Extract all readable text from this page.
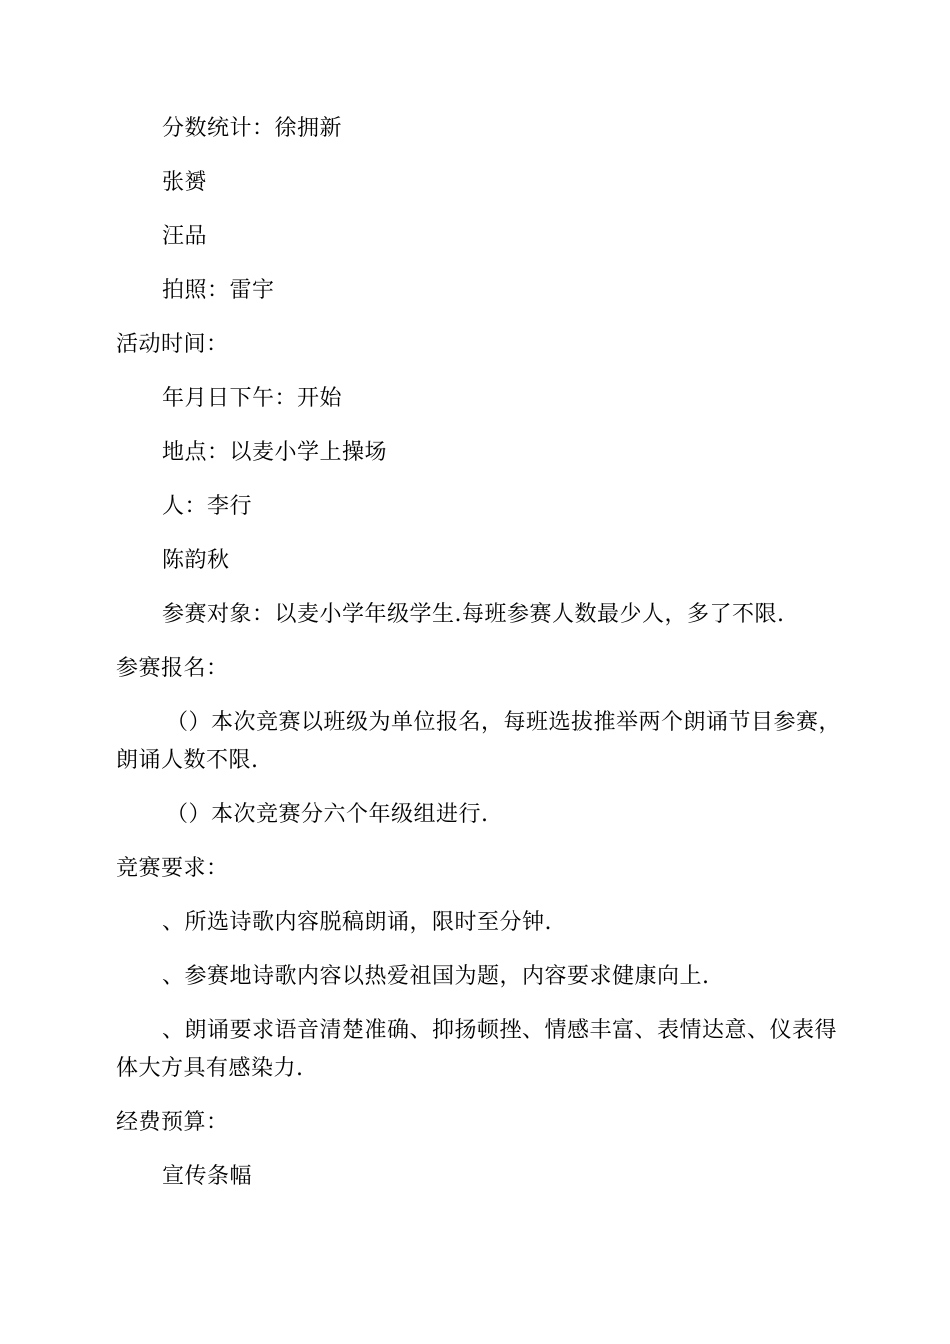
分数统计：徐拥新

张赟

汪品

拍照：雷宇

活动时间：

年月日下午：开始

地点：以麦小学上操场

人：李行

陈韵秋

参赛对象：以麦小学年级学生.每班参赛人数最少人，多了不限.

参赛报名：

（）本次竞赛以班级为单位报名，每班选拔推举两个朗诵节目参赛，

朗诵人数不限.

（）本次竞赛分六个年级组进行.

竞赛要求：

、所选诗歌内容脱稿朗诵，限时至分钟.

、参赛地诗歌内容以热爱祖国为题，内容要求健康向上.

、朗诵要求语音清楚准确、抑扬顿挫、情感丰富、表情达意、仪表得

体大方具有感染力.

经费预算：

宣传条幅
